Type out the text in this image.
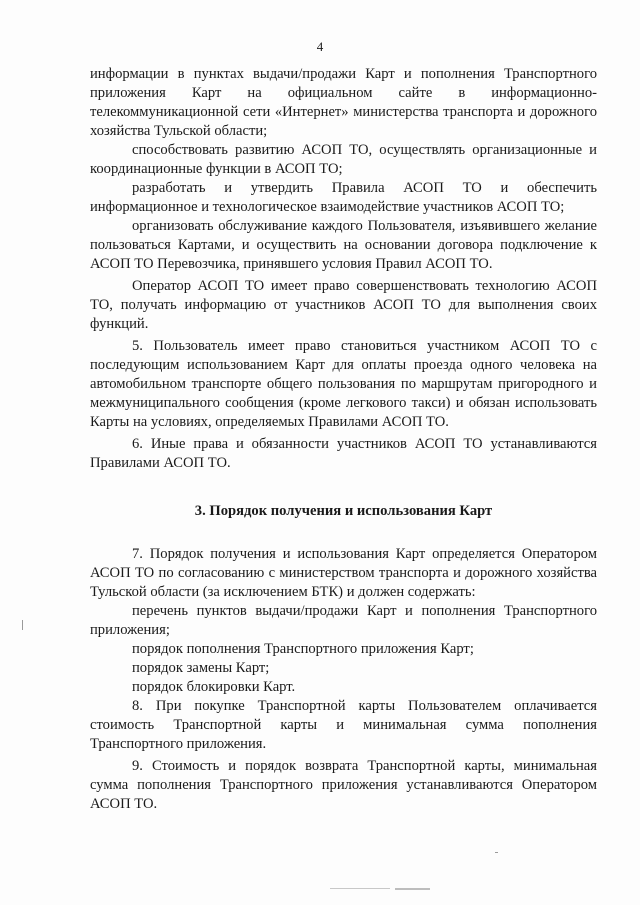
4

информации в пунктах выдачи/продажи Карт и пополнения Транспортного приложения Карт на официальном сайте в информационно-телекоммуникационной сети «Интернет» министерства транспорта и дорожного хозяйства Тульской области;

способствовать развитию АСОП ТО, осуществлять организационные и координационные функции в АСОП ТО;

разработать и утвердить Правила АСОП ТО и обеспечить информационное и технологическое взаимодействие участников АСОП ТО;

организовать обслуживание каждого Пользователя, изъявившего желание пользоваться Картами, и осуществить на основании договора подключение к АСОП ТО Перевозчика, принявшего условия Правил АСОП ТО.

Оператор АСОП ТО имеет право совершенствовать технологию АСОП ТО, получать информацию от участников АСОП ТО для выполнения своих функций.

5. Пользователь имеет право становиться участником АСОП ТО с последующим использованием Карт для оплаты проезда одного человека на автомобильном транспорте общего пользования по маршрутам пригородного и межмуниципального сообщения (кроме легкового такси) и обязан использовать Карты на условиях, определяемых Правилами АСОП ТО.

6. Иные права и обязанности участников АСОП ТО устанавливаются Правилами АСОП ТО.

3. Порядок получения и использования Карт

7. Порядок получения и использования Карт определяется Оператором АСОП ТО по согласованию с министерством транспорта и дорожного хозяйства Тульской области (за исключением БТК) и должен содержать:

перечень пунктов выдачи/продажи Карт и пополнения Транспортного приложения;

порядок пополнения Транспортного приложения Карт;

порядок замены Карт;

порядок блокировки Карт.

8. При покупке Транспортной карты Пользователем оплачивается стоимость Транспортной карты и минимальная сумма пополнения Транспортного приложения.

9. Стоимость и порядок возврата Транспортной карты, минимальная сумма пополнения Транспортного приложения устанавливаются Оператором АСОП ТО.
